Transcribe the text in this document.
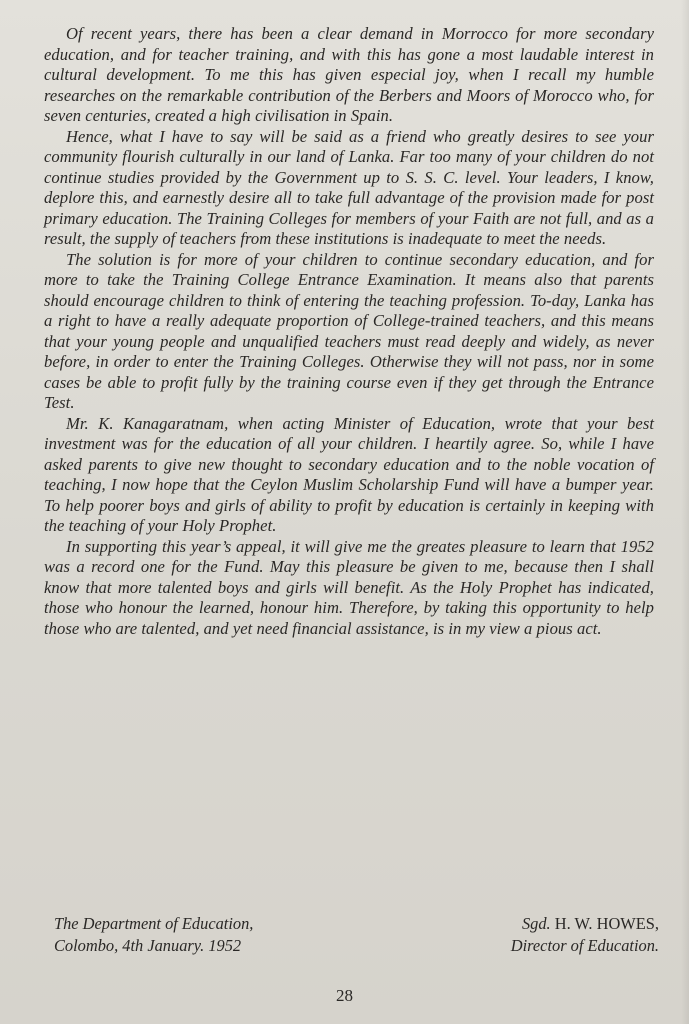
Of recent years, there has been a clear demand in Morrocco for more secondary education, and for teacher training, and with this has gone a most laudable interest in cultural development. To me this has given especial joy, when I recall my humble researches on the remarkable contribution of the Berbers and Moors of Morocco who, for seven centuries, created a high civilisation in Spain.

Hence, what I have to say will be said as a friend who greatly desires to see your community flourish culturally in our land of Lanka. Far too many of your children do not continue studies provided by the Government up to S. S. C. level. Your leaders, I know, deplore this, and earnestly desire all to take full advantage of the provision made for post primary education. The Training Colleges for members of your Faith are not full, and as a result, the supply of teachers from these institutions is inadequate to meet the needs.

The solution is for more of your children to continue secondary education, and for more to take the Training College Entrance Examination. It means also that parents should encourage children to think of entering the teaching profession. To-day, Lanka has a right to have a really adequate proportion of College-trained teachers, and this means that your young people and unqualified teachers must read deeply and widely, as never before, in order to enter the Training Colleges. Otherwise they will not pass, nor in some cases be able to profit fully by the training course even if they get through the Entrance Test.

Mr. K. Kanagaratnam, when acting Minister of Education, wrote that your best investment was for the education of all your children. I heartily agree. So, while I have asked parents to give new thought to secondary education and to the noble vocation of teaching, I now hope that the Ceylon Muslim Scholarship Fund will have a bumper year. To help poorer boys and girls of ability to profit by education is certainly in keeping with the teaching of your Holy Prophet.

In supporting this year’s appeal, it will give me the greates pleasure to learn that 1952 was a record one for the Fund. May this pleasure be given to me, because then I shall know that more talented boys and girls will benefit. As the Holy Prophet has indicated, those who honour the learned, honour him. Therefore, by taking this opportunity to help those who are talented, and yet need financial assistance, is in my view a pious act.

The Department of Education,
Colombo, 4th January. 1952
Sgd. H. W. HOWES,
Director of Education.
28
